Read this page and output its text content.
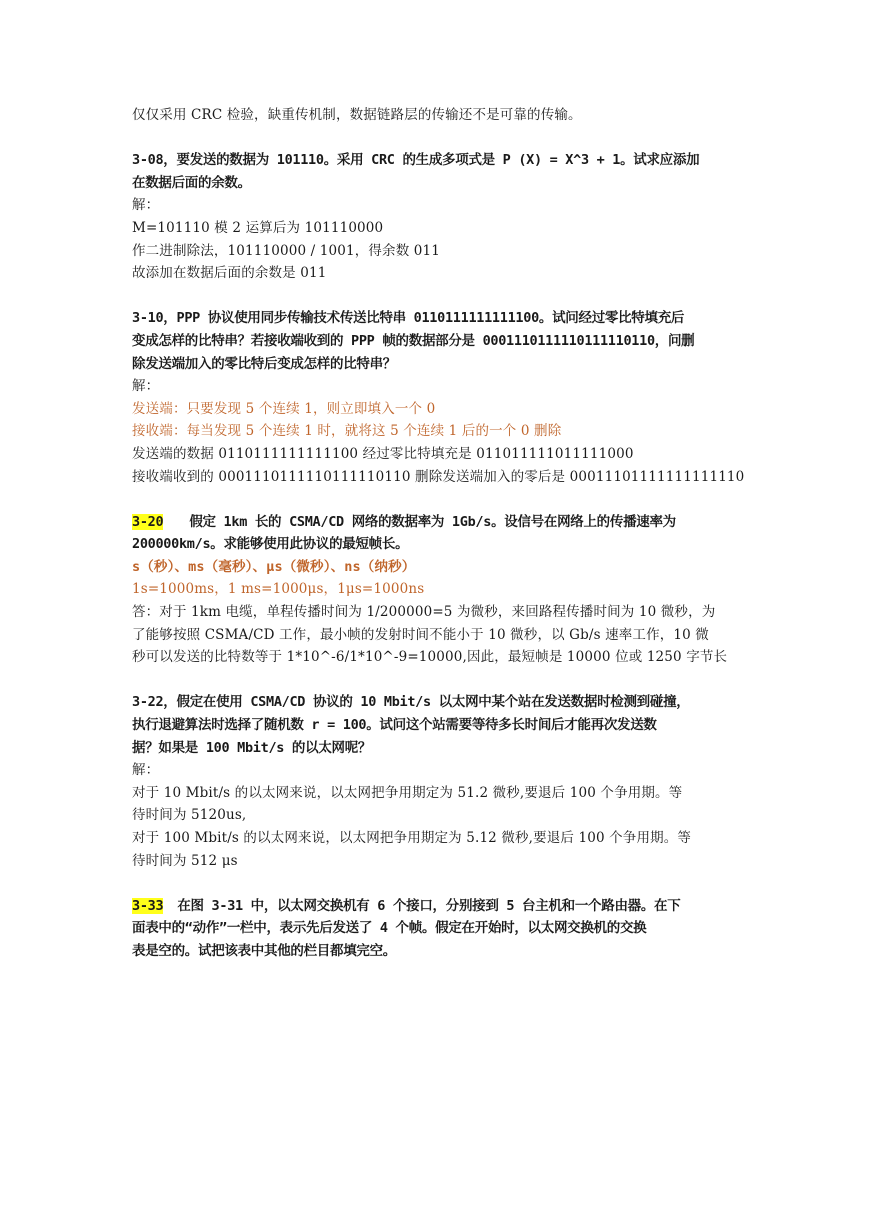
仅仅采用 CRC 检验，缺重传机制，数据链路层的传输还不是可靠的传输。
3-08，要发送的数据为 101110。采用 CRC 的生成多项式是 P (X) = X^3 + 1。试求应添加
在数据后面的余数。
解：
M=101110 模 2 运算后为 101110000
作二进制除法，101110000 / 1001，得余数 011
故添加在数据后面的余数是 011
3-10，PPP 协议使用同步传输技术传送比特串 0110111111111100。试问经过零比特填充后
变成怎样的比特串？若接收端收到的 PPP 帧的数据部分是 0001110111110111110110，问删
除发送端加入的零比特后变成怎样的比特串？
解：
发送端：只要发现 5 个连续 1，则立即填入一个 0
接收端：每当发现 5 个连续 1 时，就将这 5 个连续 1 后的一个 0 删除
发送端的数据 0110111111111100 经过零比特填充是 011011111011111000
接收端收到的 0001110111110111110110 删除发送端加入的零后是 00011101111111111110
3-20 假定 1km 长的 CSMA/CD 网络的数据率为 1Gb/s。设信号在网络上的传播速率为
200000km/s。求能够使用此协议的最短帧长。
s（秒）、ms（毫秒）、μs（微秒）、ns（纳秒）
1s=1000ms，1 ms=1000μs，1μs=1000ns
答：对于 1km 电缆，单程传播时间为 1/200000=5 为微秒，来回路程传播时间为 10 微秒，为
了能够按照 CSMA/CD 工作，最小帧的发射时间不能小于 10 微秒，以 Gb/s 速率工作，10 微
秒可以发送的比特数等于 1*10^-6/1*10^-9=10000,因此，最短帧是 10000 位或 1250 字节长
3-22，假定在使用 CSMA/CD 协议的 10 Mbit/s 以太网中某个站在发送数据时检测到碰撞，
执行退避算法时选择了随机数 r = 100。试问这个站需要等待多长时间后才能再次发送数
据？如果是 100 Mbit/s 的以太网呢？
解：
对于 10 Mbit/s 的以太网来说，以太网把争用期定为 51.2 微秒,要退后 100 个争用期。等
待时间为 5120us,
对于 100 Mbit/s 的以太网来说，以太网把争用期定为 5.12 微秒,要退后 100 个争用期。等
待时间为 512 μs
3-33 在图 3-31 中，以太网交换机有 6 个接口，分别接到 5 台主机和一个路由器。在下
面表中的“动作”一栏中，表示先后发送了 4 个帧。假定在开始时，以太网交换机的交换
表是空的。试把该表中其他的栏目都填完空。
